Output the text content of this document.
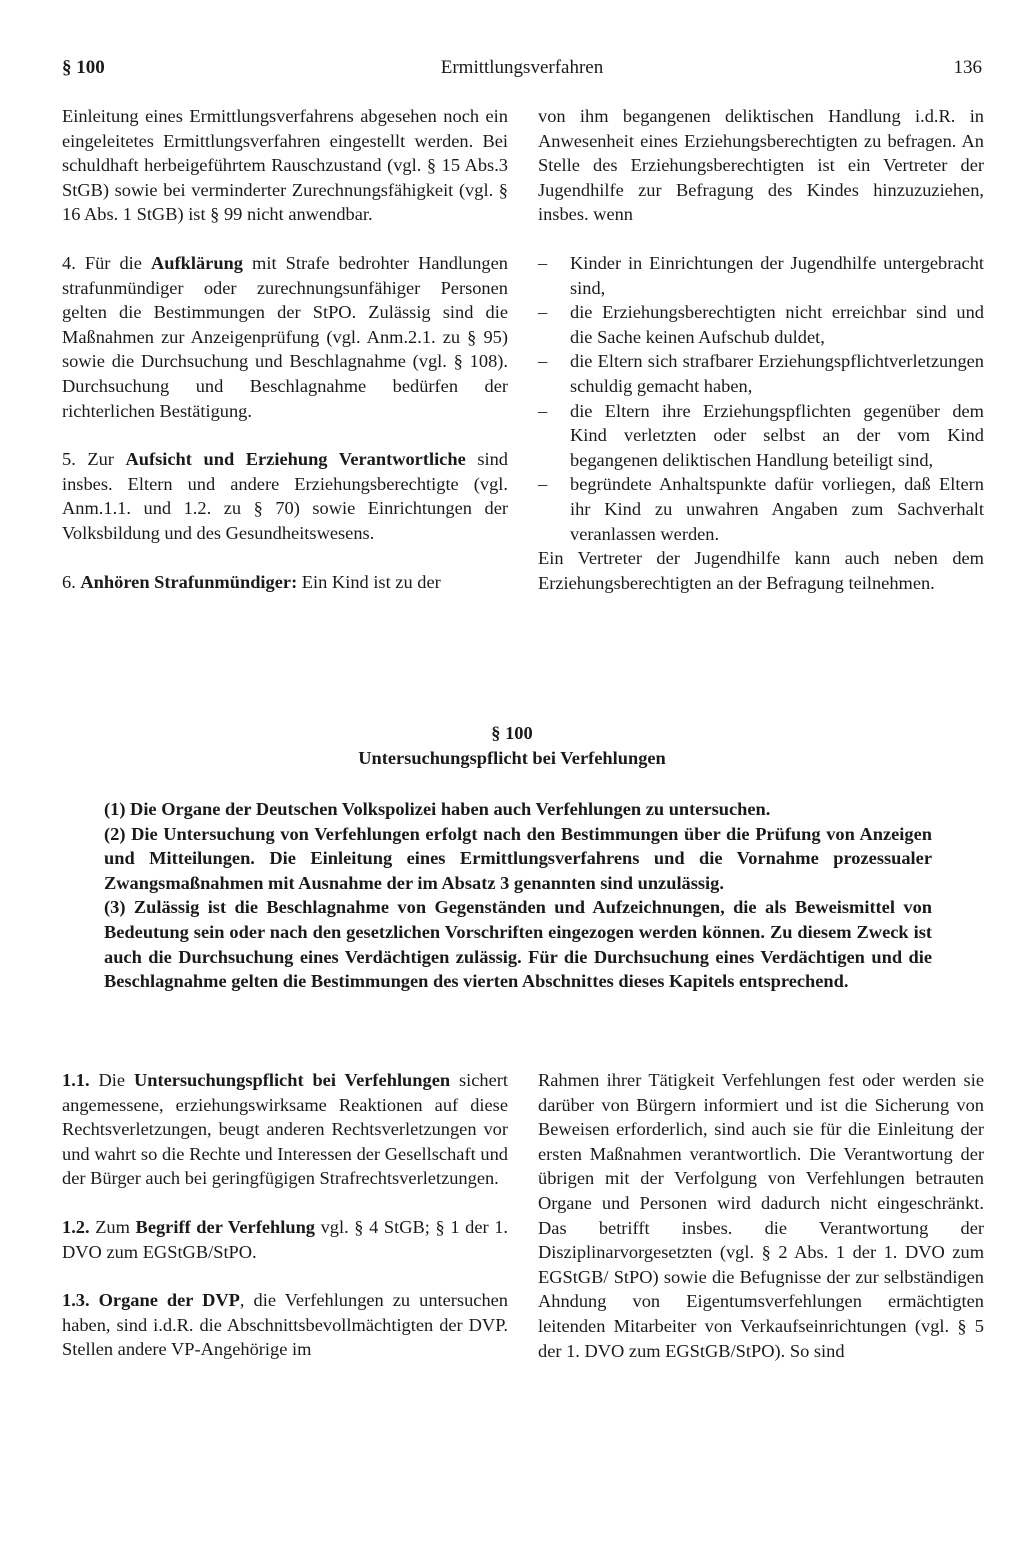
§ 100	Ermittlungsverfahren	136

Einleitung eines Ermittlungsverfahrens abgesehen noch ein eingeleitetes Ermittlungsverfahren eingestellt werden. Bei schuldhaft herbeigeführtem Rauschzustand (vgl. § 15 Abs.3 StGB) sowie bei verminderter Zurechnungsfähigkeit (vgl. § 16 Abs. 1 StGB) ist § 99 nicht anwendbar.

4. Für die Aufklärung mit Strafe bedrohter Handlungen strafunmündiger oder zurechnungsunfähiger Personen gelten die Bestimmungen der StPO. Zulässig sind die Maßnahmen zur Anzeigenprüfung (vgl. Anm.2.1. zu § 95) sowie die Durchsuchung und Beschlagnahme (vgl. § 108). Durchsuchung und Beschlagnahme bedürfen der richterlichen Bestätigung.

5. Zur Aufsicht und Erziehung Verantwortliche sind insbes. Eltern und andere Erziehungsberechtigte (vgl. Anm.1.1. und 1.2. zu § 70) sowie Einrichtungen der Volksbildung und des Gesundheitswesens.

6. Anhören Strafunmündiger: Ein Kind ist zu der

von ihm begangenen deliktischen Handlung i.d.R. in Anwesenheit eines Erziehungsberechtigten zu befragen. An Stelle des Erziehungsberechtigten ist ein Vertreter der Jugendhilfe zur Befragung des Kindes hinzuzuziehen, insbes. wenn

– Kinder in Einrichtungen der Jugendhilfe untergebracht sind,
– die Erziehungsberechtigten nicht erreichbar sind und die Sache keinen Aufschub duldet,
– die Eltern sich strafbarer Erziehungspflichtverletzungen schuldig gemacht haben,
– die Eltern ihre Erziehungspflichten gegenüber dem Kind verletzten oder selbst an der vom Kind begangenen deliktischen Handlung beteiligt sind,
– begründete Anhaltspunkte dafür vorliegen, daß Eltern ihr Kind zu unwahren Angaben zum Sachverhalt veranlassen werden.

Ein Vertreter der Jugendhilfe kann auch neben dem Erziehungsberechtigten an der Befragung teilnehmen.

§ 100
Untersuchungspflicht bei Verfehlungen

(1) Die Organe der Deutschen Volkspolizei haben auch Verfehlungen zu untersuchen.

(2) Die Untersuchung von Verfehlungen erfolgt nach den Bestimmungen über die Prüfung von Anzeigen und Mitteilungen. Die Einleitung eines Ermittlungsverfahrens und die Vornahme prozessualer Zwangsmaßnahmen mit Ausnahme der im Absatz 3 genannten sind unzulässig.

(3) Zulässig ist die Beschlagnahme von Gegenständen und Aufzeichnungen, die als Beweismittel von Bedeutung sein oder nach den gesetzlichen Vorschriften eingezogen werden können. Zu diesem Zweck ist auch die Durchsuchung eines Verdächtigen zulässig. Für die Durchsuchung eines Verdächtigen und die Beschlagnahme gelten die Bestimmungen des vierten Abschnittes dieses Kapitels entsprechend.

1.1. Die Untersuchungspflicht bei Verfehlungen sichert angemessene, erziehungswirksame Reaktionen auf diese Rechtsverletzungen, beugt anderen Rechtsverletzungen vor und wahrt so die Rechte und Interessen der Gesellschaft und der Bürger auch bei geringfügigen Strafrechtsverletzungen.

1.2. Zum Begriff der Verfehlung vgl. § 4 StGB; § 1 der 1. DVO zum EGStGB/StPO.

1.3. Organe der DVP, die Verfehlungen zu untersuchen haben, sind i.d.R. die Abschnittsbevollmächtigten der DVP. Stellen andere VP-Angehörige im

Rahmen ihrer Tätigkeit Verfehlungen fest oder werden sie darüber von Bürgern informiert und ist die Sicherung von Beweisen erforderlich, sind auch sie für die Einleitung der ersten Maßnahmen verantwortlich. Die Verantwortung der übrigen mit der Verfolgung von Verfehlungen betrauten Organe und Personen wird dadurch nicht eingeschränkt. Das betrifft insbes. die Verantwortung der Disziplinarvorgesetzten (vgl. § 2 Abs. 1 der 1. DVO zum EGStGB/ StPO) sowie die Befugnisse der zur selbständigen Ahndung von Eigentumsverfehlungen ermächtigten leitenden Mitarbeiter von Verkaufseinrichtungen (vgl. § 5 der 1. DVO zum EGStGB/StPO). So sind
